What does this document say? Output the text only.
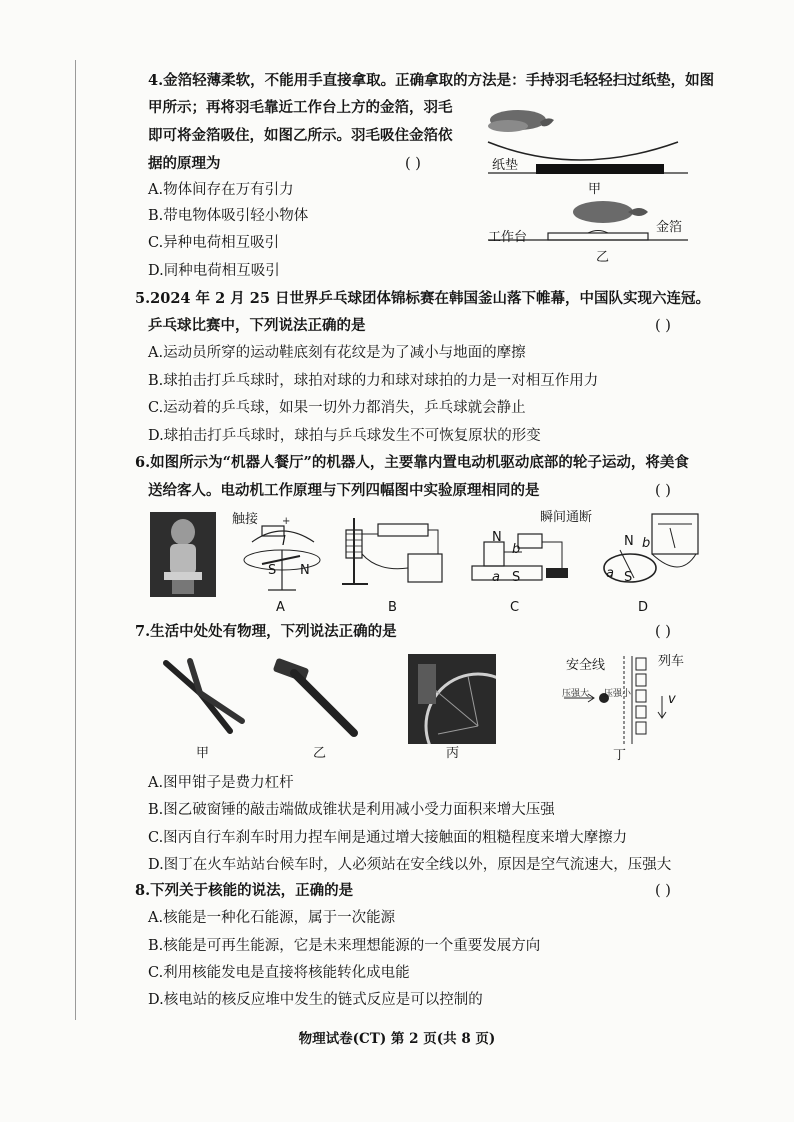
4.金箔轻薄柔软，不能用手直接拿取。正确拿取的方法是：手持羽毛轻轻扫过纸垫，如图
甲所示；再将羽毛靠近工作台上方的金箔，羽毛
即可将金箔吸住，如图乙所示。羽毛吸住金箔依
据的原理为	( )
A.物体间存在万有引力
B.带电物体吸引轻小物体
C.异种电荷相互吸引
D.同种电荷相互吸引
纸垫
甲
工作台
金箔
乙
5.2024 年 2 月 25 日世界乒乓球团体锦标赛在韩国釜山落下帷幕，中国队实现六连冠。
乒乓球比赛中，下列说法正确的是	( )
A.运动员所穿的运动鞋底刻有花纹是为了减小与地面的摩擦
B.球拍击打乒乓球时，球拍对球的力和球对球拍的力是一对相互作用力
C.运动着的乒乓球，如果一切外力都消失，乒乓球就会静止
D.球拍击打乒乓球时，球拍与乒乓球发生不可恢复原状的形变
6.如图所示为“机器人餐厅”的机器人，主要靠内置电动机驱动底部的轮子运动，将美食
送给客人。电动机工作原理与下列四幅图中实验原理相同的是	( )
+
触接
I
S N
A	B
瞬间通断
N
b
a S
C
N b
a S
D
7.生活中处处有物理，下列说法正确的是	( )
甲	乙	丙
安全线	列车
压强大 压强小	v
丁
A.图甲钳子是费力杠杆
B.图乙破窗锤的敲击端做成锥状是利用减小受力面积来增大压强
C.图丙自行车刹车时用力捏车闸是通过增大接触面的粗糙程度来增大摩擦力
D.图丁在火车站站台候车时，人必须站在安全线以外，原因是空气流速大，压强大
8.下列关于核能的说法，正确的是	( )
A.核能是一种化石能源，属于一次能源
B.核能是可再生能源，它是未来理想能源的一个重要发展方向
C.利用核能发电是直接将核能转化成电能
D.核电站的核反应堆中发生的链式反应是可以控制的
物理试卷(CT) 第 2 页(共 8 页)
